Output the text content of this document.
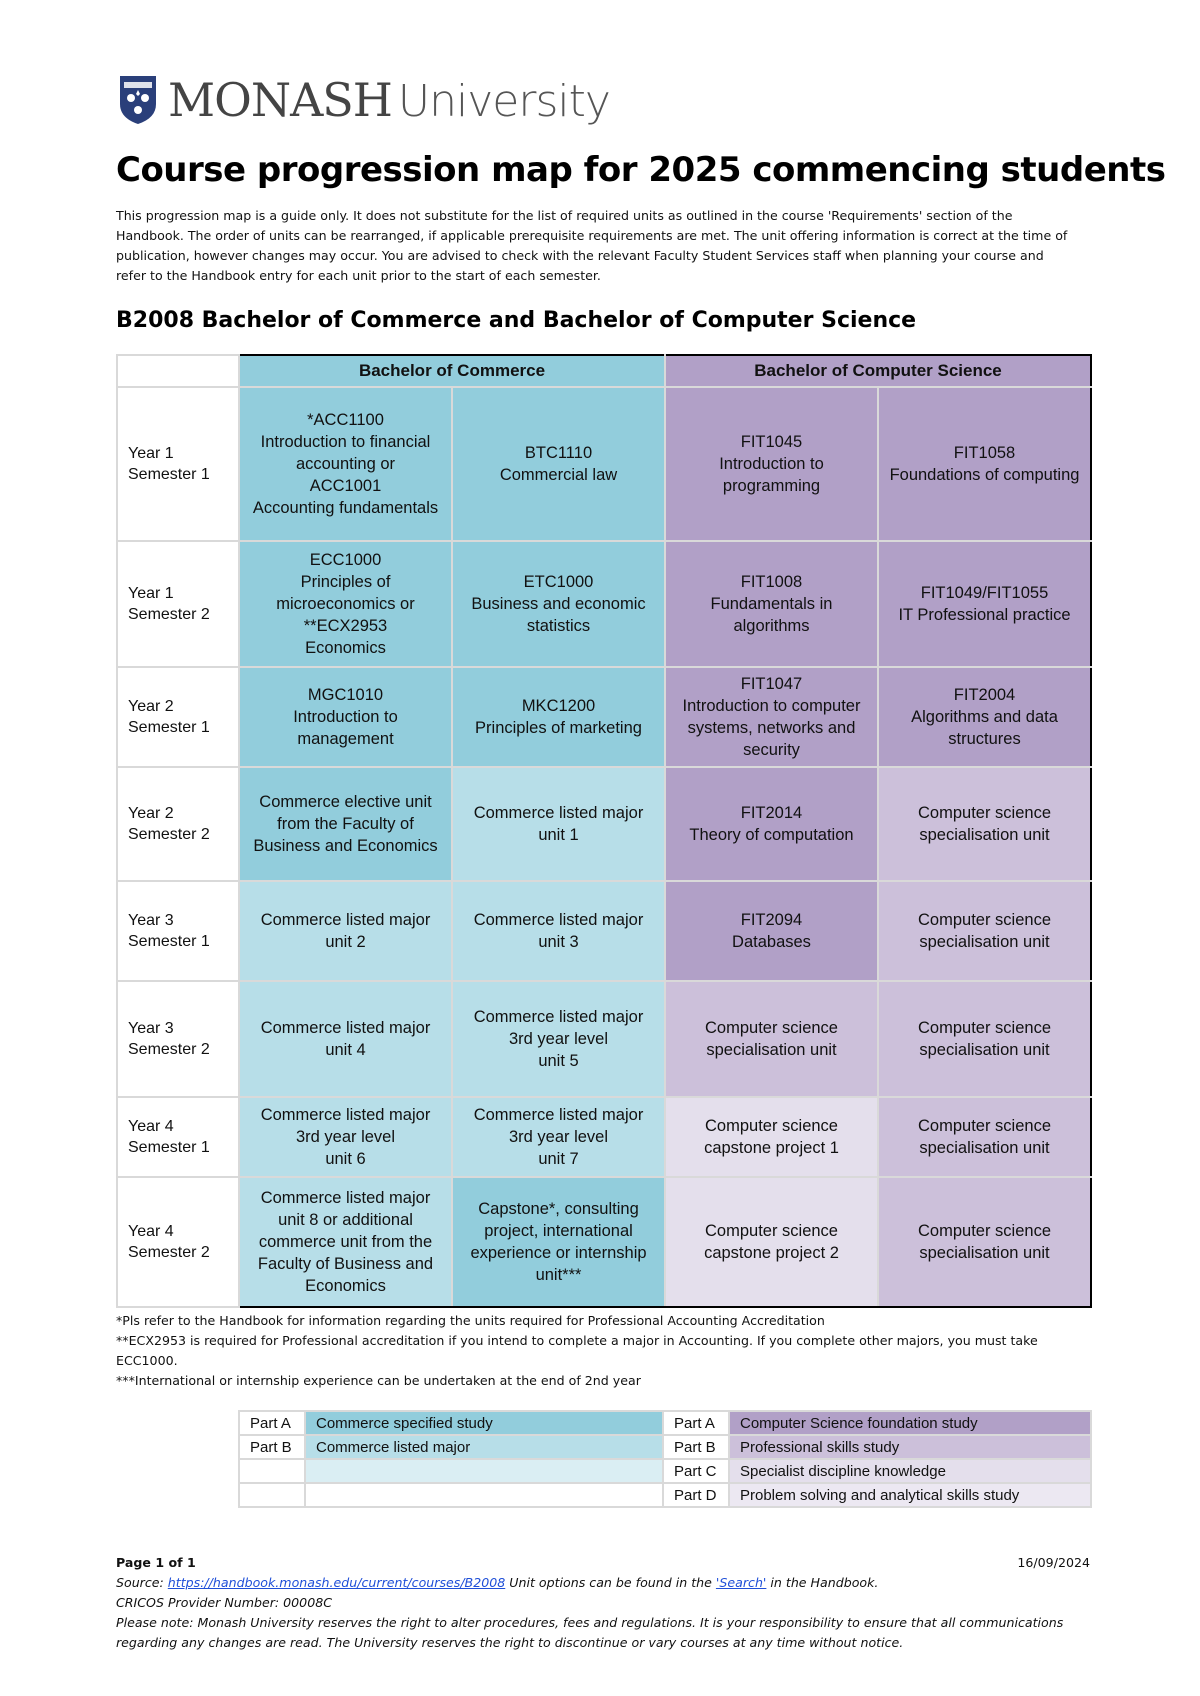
MONASH University
Course progression map for 2025 commencing students

This progression map is a guide only. It does not substitute for the list of required units as outlined in the course 'Requirements' section of the Handbook. The order of units can be rearranged, if applicable prerequisite requirements are met. The unit offering information is correct at the time of publication, however changes may occur. You are advised to check with the relevant Faculty Student Services staff when planning your course and refer to the Handbook entry for each unit prior to the start of each semester.

B2008 Bachelor of Commerce and Bachelor of Computer Science
	Bachelor of Commerce		Bachelor of Computer Science	
Year 1
Semester 1	*ACC1100
Introduction to financial accounting or
ACC1001
Accounting fundamentals	BTC1110
Commercial law	FIT1045
Introduction to programming	FIT1058
Foundations of computing
Year 1
Semester 2	ECC1000
Principles of microeconomics or
**ECX2953
Economics	ETC1000
Business and economic statistics	FIT1008
Fundamentals in algorithms	FIT1049/FIT1055
IT Professional practice
Year 2
Semester 1	MGC1010
Introduction to management	MKC1200
Principles of marketing	FIT1047
Introduction to computer systems, networks and security	FIT2004
Algorithms and data structures
Year 2
Semester 2	Commerce elective unit from the Faculty of Business and Economics	Commerce listed major unit 1	FIT2014
Theory of computation	Computer science specialisation unit
Year 3
Semester 1	Commerce listed major unit 2	Commerce listed major unit 3	FIT2094
Databases	Computer science specialisation unit
Year 3
Semester 2	Commerce listed major unit 4	Commerce listed major
3rd year level
unit 5	Computer science specialisation unit	Computer science specialisation unit
Year 4
Semester 1	Commerce listed major
3rd year level
unit 6	Commerce listed major
3rd year level
unit 7	Computer science capstone project 1	Computer science specialisation unit
Year 4
Semester 2	Commerce listed major unit 8 or additional commerce unit from the Faculty of Business and Economics	Capstone*, consulting project, international experience or internship unit***	Computer science capstone project 2	Computer science specialisation unit

*Pls refer to the Handbook for information regarding the units required for Professional Accounting Accreditation

**ECX2953 is required for Professional accreditation if you intend to complete a major in Accounting. If you complete other majors, you must take ECC1000.

***International or internship experience can be undertaken at the end of 2nd year

Part A	Commerce specified study	Part A	Computer Science foundation study
Part B	Commerce listed major	Part B	Professional skills study
		Part C	Specialist discipline knowledge
		Part D	Problem solving and analytical skills study
Page 1 of 1	16/09/2024

Source: https://handbook.monash.edu/current/courses/B2008 Unit options can be found in the 'Search' in the Handbook.

CRICOS Provider Number: 00008C

Please note: Monash University reserves the right to alter procedures, fees and regulations. It is your responsibility to ensure that all communications regarding any changes are read. The University reserves the right to discontinue or vary courses at any time without notice.
